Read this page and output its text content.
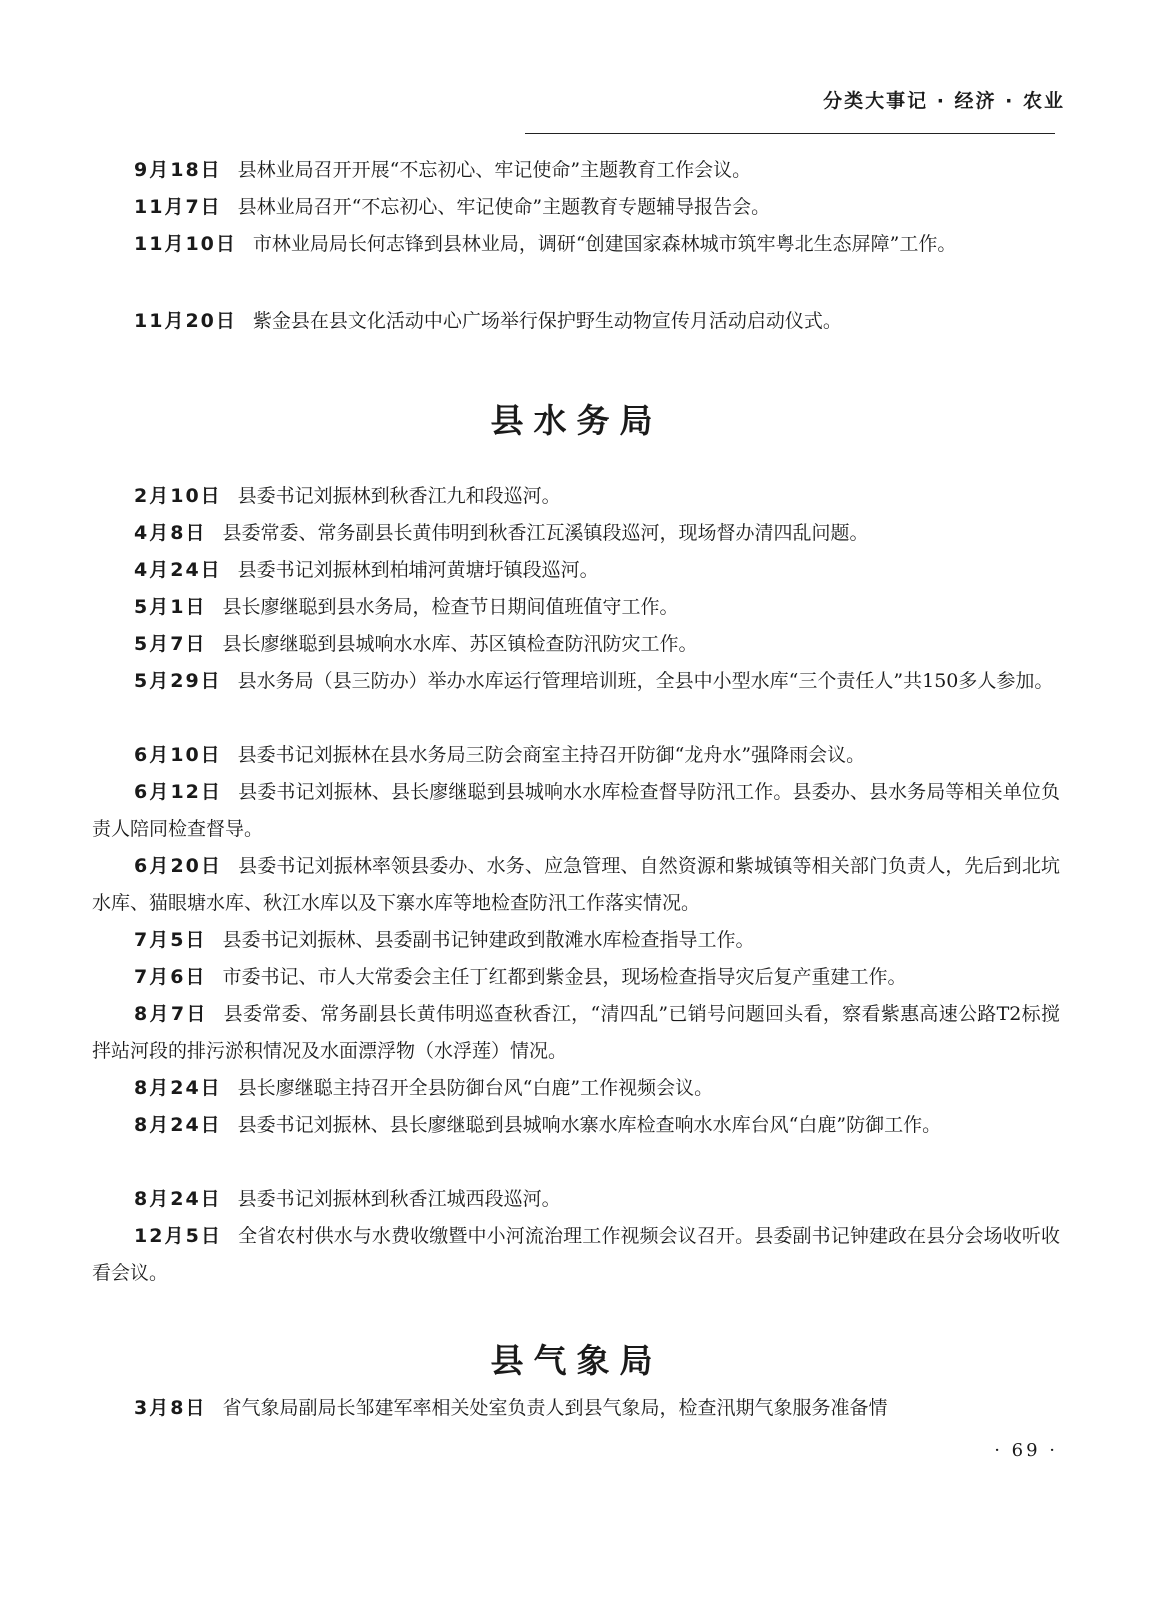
分类大事记 · 经济 · 农业

9月18日 县林业局召开开展“不忘初心、牢记使命”主题教育工作会议。

11月7日 县林业局召开“不忘初心、牢记使命”主题教育专题辅导报告会。

11月10日 市林业局局长何志锋到县林业局，调研“创建国家森林城市筑牢粤北生态屏障”工作。

11月20日 紫金县在县文化活动中心广场举行保护野生动物宣传月活动启动仪式。

县水务局

2月10日 县委书记刘振林到秋香江九和段巡河。

4月8日 县委常委、常务副县长黄伟明到秋香江瓦溪镇段巡河，现场督办清四乱问题。

4月24日 县委书记刘振林到柏埔河黄塘圩镇段巡河。

5月1日 县长廖继聪到县水务局，检查节日期间值班值守工作。

5月7日 县长廖继聪到县城响水水库、苏区镇检查防汛防灾工作。

5月29日 县水务局（县三防办）举办水库运行管理培训班，全县中小型水库“三个责任人”共150多人参加。

6月10日 县委书记刘振林在县水务局三防会商室主持召开防御“龙舟水”强降雨会议。

6月12日 县委书记刘振林、县长廖继聪到县城响水水库检查督导防汛工作。县委办、县水务局等相关单位负责人陪同检查督导。

6月20日 县委书记刘振林率领县委办、水务、应急管理、自然资源和紫城镇等相关部门负责人，先后到北坑水库、猫眼塘水库、秋江水库以及下寨水库等地检查防汛工作落实情况。

7月5日 县委书记刘振林、县委副书记钟建政到散滩水库检查指导工作。

7月6日 市委书记、市人大常委会主任丁红都到紫金县，现场检查指导灾后复产重建工作。

8月7日 县委常委、常务副县长黄伟明巡查秋香江，“清四乱”已销号问题回头看，察看紫惠高速公路T2标搅拌站河段的排污淤积情况及水面漂浮物（水浮莲）情况。

8月24日 县长廖继聪主持召开全县防御台风“白鹿”工作视频会议。

8月24日 县委书记刘振林、县长廖继聪到县城响水寨水库检查响水水库台风“白鹿”防御工作。

8月24日 县委书记刘振林到秋香江城西段巡河。

12月5日 全省农村供水与水费收缴暨中小河流治理工作视频会议召开。县委副书记钟建政在县分会场收听收看会议。

县气象局

3月8日 省气象局副局长邹建军率相关处室负责人到县气象局，检查汛期气象服务准备情

· 69 ·
